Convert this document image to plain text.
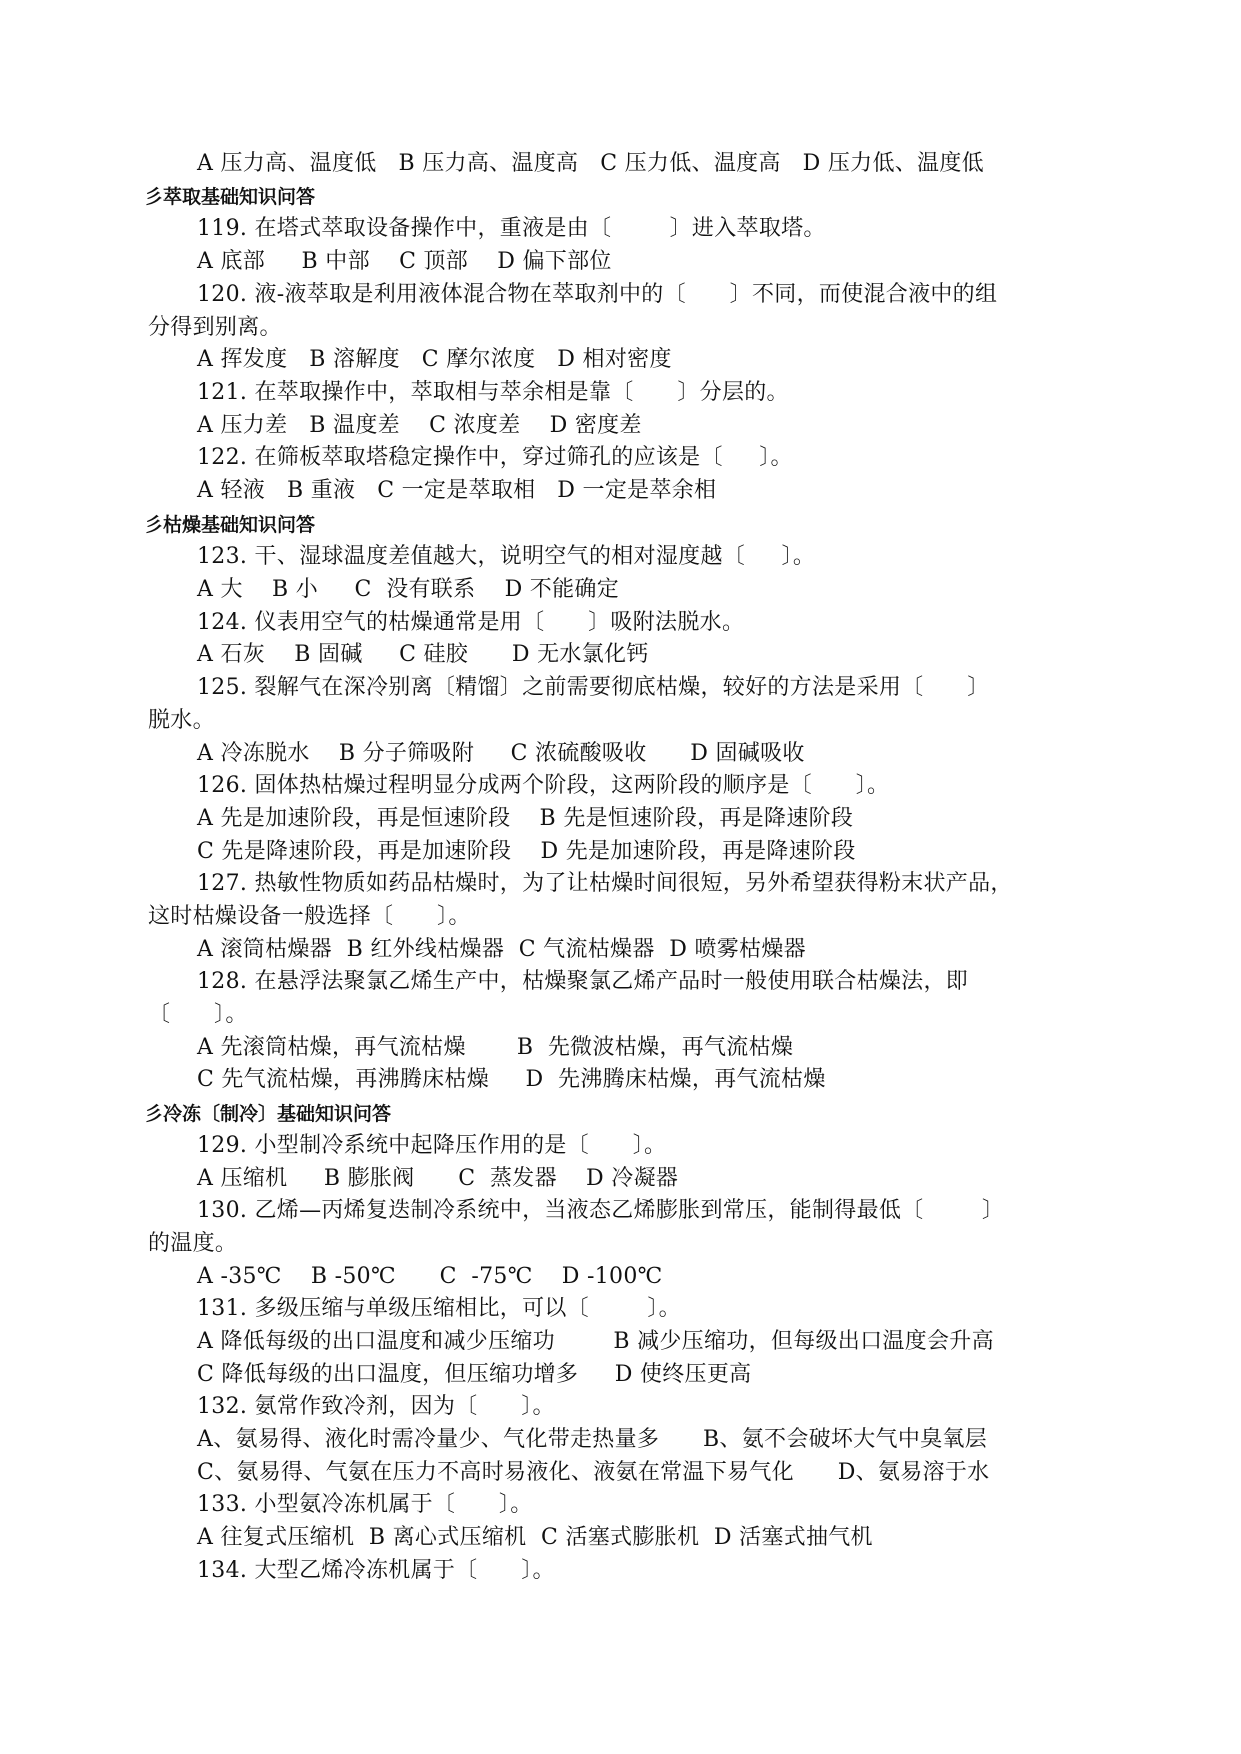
A 压力高、温度低   B 压力高、温度高   C 压力低、温度高   D 压力低、温度低
彡萃取基础知识问答
119. 在塔式萃取设备操作中，重液是由〔        〕进入萃取塔。
A 底部     B 中部    C 顶部    D 偏下部位
120. 液-液萃取是利用液体混合物在萃取剂中的〔      〕不同，而使混合液中的组
分得到别离。
A 挥发度   B 溶解度   C 摩尔浓度   D 相对密度
121. 在萃取操作中，萃取相与萃余相是靠〔      〕分层的。
A 压力差   B 温度差    C 浓度差    D 密度差
122. 在筛板萃取塔稳定操作中，穿过筛孔的应该是〔     〕。
A 轻液   B 重液   C 一定是萃取相   D 一定是萃余相
彡枯燥基础知识问答
123. 干、湿球温度差值越大，说明空气的相对湿度越〔     〕。
A 大    B 小     C  没有联系    D 不能确定
124. 仪表用空气的枯燥通常是用〔      〕吸附法脱水。
A 石灰    B 固碱     C 硅胶      D 无水氯化钙
125. 裂解气在深冷别离〔精馏〕之前需要彻底枯燥，较好的方法是采用〔      〕
脱水。
A 冷冻脱水    B 分子筛吸附     C 浓硫酸吸收      D 固碱吸收
126. 固体热枯燥过程明显分成两个阶段，这两阶段的顺序是〔      〕。
A 先是加速阶段，再是恒速阶段    B 先是恒速阶段，再是降速阶段
C 先是降速阶段，再是加速阶段    D 先是加速阶段，再是降速阶段
127. 热敏性物质如药品枯燥时，为了让枯燥时间很短，另外希望获得粉末状产品，
这时枯燥设备一般选择〔      〕。
A 滚筒枯燥器  B 红外线枯燥器  C 气流枯燥器  D 喷雾枯燥器
128. 在悬浮法聚氯乙烯生产中，枯燥聚氯乙烯产品时一般使用联合枯燥法，即
〔      〕。
A 先滚筒枯燥，再气流枯燥       B  先微波枯燥，再气流枯燥
C 先气流枯燥，再沸腾床枯燥     D  先沸腾床枯燥，再气流枯燥
彡冷冻〔制冷〕基础知识问答
129. 小型制冷系统中起降压作用的是〔      〕。
A 压缩机     B 膨胀阀      C  蒸发器    D 冷凝器
130. 乙烯—丙烯复迭制冷系统中，当液态乙烯膨胀到常压，能制得最低〔        〕
的温度。
A -35℃    B -50℃      C  -75℃    D -100℃
131. 多级压缩与单级压缩相比，可以〔        〕。
A 降低每级的出口温度和减少压缩功        B 减少压缩功，但每级出口温度会升高
C 降低每级的出口温度，但压缩功增多     D 使终压更高
132. 氨常作致冷剂，因为〔      〕。
A、氨易得、液化时需冷量少、气化带走热量多      B、氨不会破坏大气中臭氧层
C、氨易得、气氨在压力不高时易液化、液氨在常温下易气化      D、氨易溶于水
133. 小型氨冷冻机属于〔      〕。
A 往复式压缩机  B 离心式压缩机  C 活塞式膨胀机  D 活塞式抽气机
134. 大型乙烯冷冻机属于〔      〕。
